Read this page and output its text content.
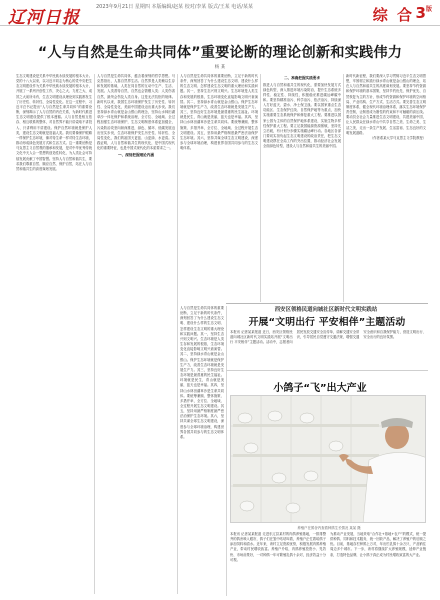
辽河日报
2023年9月21日 星期四 本版编辑/赵某 校对/李某 版式/王某 电话/某某	综 合 $3^版$
“人与自然是生命共同体”重要论断的理论创新和实践伟力
杨 某
生态文明建设是关系中华民族永续发展的根本大计。党的十八大以来，以习近平同志为核心的党中央把生态文明建设作为关系中华民族永续发展的根本大计，开展了一系列开创性工作，决心之大、力度之大、成效之大前所未有，生态文明建设从理论到实践都发生了历史性、转折性、全局性变化。在这一过程中，习近平总书记提出“人与自然是生命共同体”的重要论断，深刻揭示了人与自然的内在关系，为新时代推进生态文明建设提供了根本遵循。人与自然是相互依存、相互联系的整体，对自然界不能只讲索取不讲投入、只讲利用不讲建设。保护自然环境就是保护人类，建设生态文明就是造福人类。我们要像保护眼睛一样保护生态环境，像对待生命一样对待生态环境，推动形成绿色发展方式和生活方式。这一重要论断是马克思主义自然观的继承和发展，是对中华优秀传统文化中天人合一思想的创造性转化，为人类社会可持续发展贡献了中国智慧。坚持人与自然和谐共生，要求我们尊重自然、顺应自然、保护自然，站在人与自然和谐共生的高度谋划发展。
人与自然是生命共同体，蕴含着深刻的哲学思想。马克思指出，人靠自然界生活。自然界是人类赖以生存和发展的基础，人类在同自然的互动中生产、生活、发展。人类善待自然，自然也会馈赠人类；人类伤害自然，最终会伤及人类自身。这是无法抗拒的规律。新时代以来，我国生态环境保护发生了历史性、转折性、全局性变化，美丽中国建设迈出重大步伐。我们坚持绿水青山就是金山银山的理念，坚持山水林田湖草沙一体化保护和系统治理，全方位、全地域、全过程加强生态环境保护，生态文明制度体系更加健全，污染防治攻坚向纵深推进，绿色、循环、低碳发展迈出坚实步伐，生态环境保护发生历史性、转折性、全局性变化，我们的祖国天更蓝、山更绿、水更清。实践证明，人与自然和谐共生的现代化，是中国式现代化的重要特征，也是中国式现代化的本质要求之一。
一、深刻把握理论内涵
人与自然是生命共同体的重要论断，立足于新的时代条件，深刻回答了为什么建设生态文明、建设什么样的生态文明、怎样建设生态文明的重大理论和实践问题。其一，坚持生态兴则文明兴。生态环境是人类生存和发展的根基，生态环境变化直接影响文明兴衰演替。其二，坚持绿水青山就是金山银山。保护生态环境就是保护生产力，改善生态环境就是发展生产力。其三，坚持良好生态环境是最普惠的民生福祉。环境就是民生，青山就是美丽，蓝天也是幸福。其四，坚持山水林田湖草沙是生命共同体。要统筹兼顾、整体施策、多措并举，全方位、全地域、全过程开展生态文明建设。其五，坚持用最严格制度最严密法治保护生态环境。其六，坚持共谋全球生态文明建设，深度参与全球环境治理，构建世界各国共同参与的生态文明体系。
二、准确把握实践要求
推进人与自然和谐共生的现代化，需要加快发展方式绿色转型，深入推进环境污染防治，提升生态系统多样性、稳定性、持续性，积极稳妥推进碳达峰碳中和。要坚持精准治污、科学治污、依法治污，持续深入打好蓝天、碧水、净土保卫战。要以国家重点生态功能区、生态保护红线、自然保护地等为重点，加快实施重要生态系统保护和修复重大工程。要推进以国家公园为主体的自然保护地体系建设，实施生物多样性保护重大工程。要立足我国能源资源禀赋，坚持先立后破，有计划分步骤实施碳达峰行动。各地区各部门要切实担负起生态文明建设的政治责任，把生态文明建设摆在全局工作的突出位置，推动经济社会发展全面绿色转型，建设人与自然和谐共生的美丽中国。
新时代新征程，我们要深入学习贯彻习近平生态文明思想，牢固树立和践行绿水青山就是金山银山的理念，站在人与自然和谐共生的高度谋划发展。要坚持节约资源和保护环境的基本国策，坚持节约优先、保护优先、自然恢复为主的方针，形成节约资源和保护环境的空间格局、产业结构、生产方式、生活方式。要完善生态文明制度体系，健全现代环境治理体系，落实生态环境保护责任制，让制度成为刚性的约束和不可触碰的高压线。要动员全社会力量推进生态文明建设，共建美丽中国，让人民群众在绿水青山中共享自然之美、生命之美、生活之美，走出一条生产发展、生活富裕、生态良好的文明发展道路。
（作者系某大学马克思主义学院教授）
人与自然是生命共同体的重要论断，立足于新的时代条件，深刻回答了为什么建设生态文明、建设什么样的生态文明、怎样建设生态文明的重大理论和实践问题。其一，坚持生态兴则文明兴。生态环境是人类生存和发展的根基，生态环境变化直接影响文明兴衰演替。其二，坚持绿水青山就是金山银山。保护生态环境就是保护生产力，改善生态环境就是发展生产力。其三，坚持良好生态环境是最普惠的民生福祉。环境就是民生，青山就是美丽，蓝天也是幸福。其四，坚持山水林田湖草沙是生命共同体。要统筹兼顾、整体施策、多措并举，全方位、全地域、全过程开展生态文明建设。其五，坚持用最严格制度最严密法治保护生态环境。其六，坚持共谋全球生态文明建设，深度参与全球环境治理，构建世界各国共同参与的生态文明体系。
西安区领格民道向城社区新时代文明实践站
开展“文明出行 平安相伴”主题活动
本报讯 记者某某报道 近日，西安区领格民道向城社区新时代文明实践站开展“文明出行 平安相伴”主题活动。活动中，志愿者向居民发放交通安全宣传单，讲解交通安全常识，引导居民自觉遵守交通法规，增强交通安全意识和自我保护能力，营造文明出行、安全出行的良好氛围。
小鸽子“飞”出大产业
养殖户在鸽舍内查看种鸽生长情况 某某 摄
本报讯 记者某某报道 走进东辽县某村的肉鸽养殖基地，一排排整齐的鸽舍映入眼帘，鸽子们在笼中咕咕叫着，养殖户正忙着给鸽子添加饲料和清水。近年来，该村立足资源优势，积极发展肉鸽养殖产业，带动村民增收致富。养殖户介绍，肉鸽养殖投资小、见效快、市场前景好，一对种鸽一年可繁殖乳鸽十余对，经济效益十分可观。
为推动产业发展，当地采取“合作社+基地+农户”的模式，统一提供种鸽、饲料和技术服务，统一回收产品，解决了养殖户的后顾之忧。目前，基地存栏种鸽上万对，年出栏乳鸽十余万只，产品销往周边多个城市。下一步，该村将继续扩大养殖规模，延伸产业链条，打造特色品牌，让小鸽子真正成为村民增收致富的大产业。
